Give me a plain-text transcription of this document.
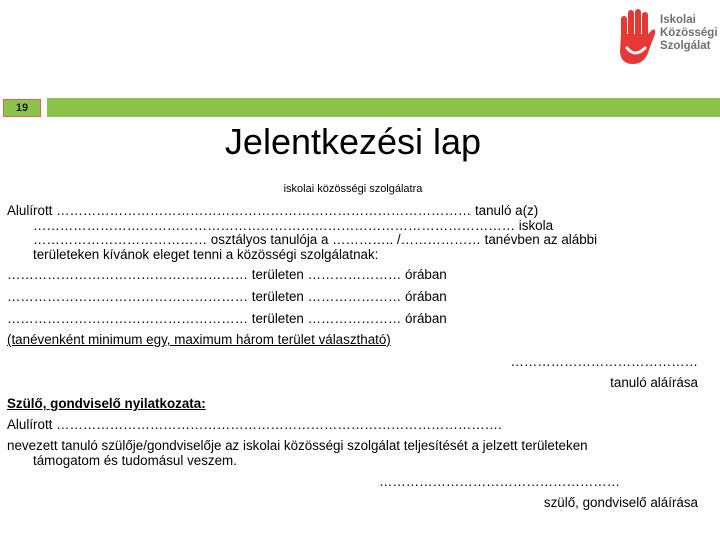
Iskolai
Közösségi
Szolgálat
19
Jelentkezési lap
iskolai közösségi szolgálatra
Alulírott ………………………………………………………………………………… tanuló a(z)
……………………………………………………………………………………………… iskola
………………………………… osztályos tanulója a ………….. /……………… tanévben az alábbi
területeken kívánok eleget tenni a közösségi szolgálatnak:
……………………………………………… területen ………………… órában
……………………………………………… területen ………………… órában
……………………………………………… területen ………………… órában
(tanévenként minimum egy, maximum három terület választható)
……………………………………
tanuló aláírása
Szülő, gondviselő nyilatkozata:
Alulírott ……………………………………………………………………………………….
nevezett tanuló szülője/gondviselője az iskolai közösségi szolgálat teljesítését a jelzett területeken
támogatom és tudomásul veszem.
………………………………………………
szülő, gondviselő aláírása
